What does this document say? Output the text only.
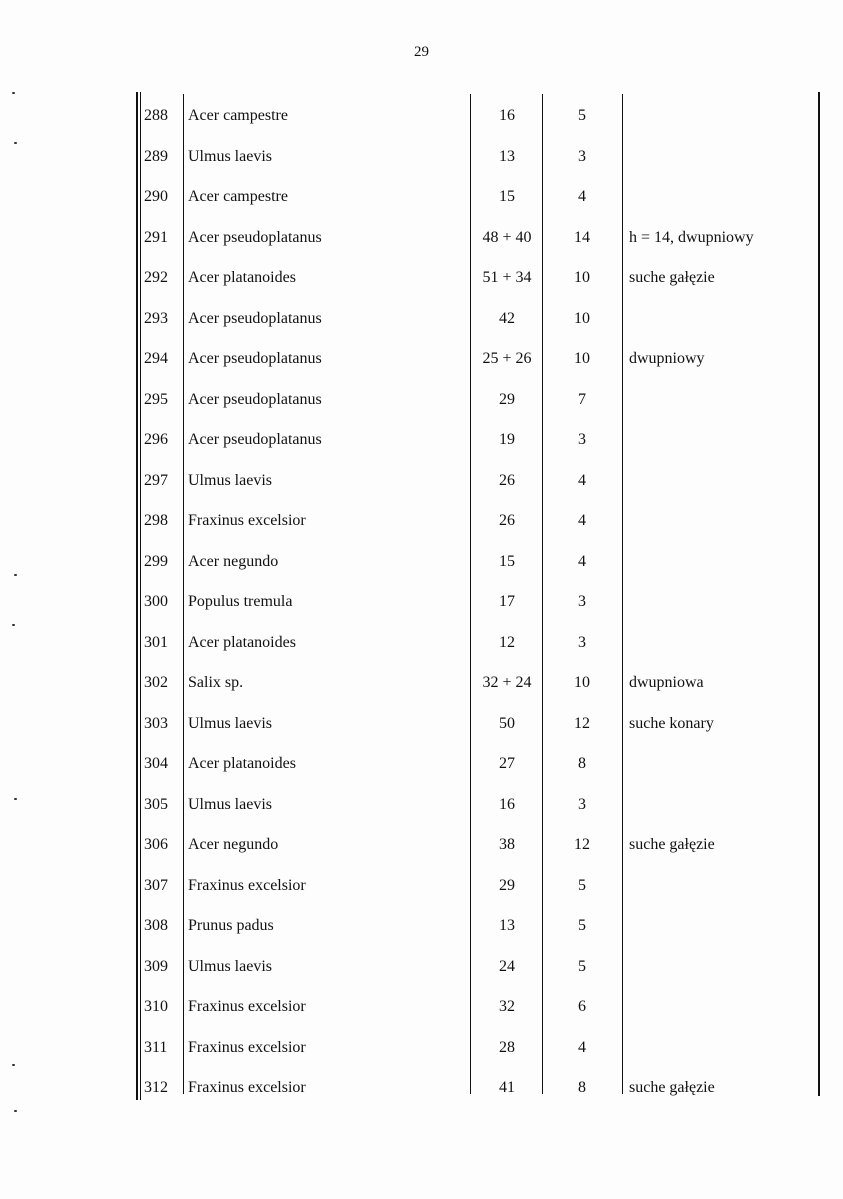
29
288	Acer campestre	16	5
289	Ulmus laevis	13	3
290	Acer campestre	15	4
291	Acer pseudoplatanus	48 + 40	14	h = 14, dwupniowy
292	Acer platanoides	51 + 34	10	suche gałęzie
293	Acer pseudoplatanus	42	10
294	Acer pseudoplatanus	25 + 26	10	dwupniowy
295	Acer pseudoplatanus	29	7
296	Acer pseudoplatanus	19	3
297	Ulmus laevis	26	4
298	Fraxinus excelsior	26	4
299	Acer negundo	15	4
300	Populus tremula	17	3
301	Acer platanoides	12	3
302	Salix sp.	32 + 24	10	dwupniowa
303	Ulmus laevis	50	12	suche konary
304	Acer platanoides	27	8
305	Ulmus laevis	16	3
306	Acer negundo	38	12	suche gałęzie
307	Fraxinus excelsior	29	5
308	Prunus padus	13	5
309	Ulmus laevis	24	5
310	Fraxinus excelsior	32	6
311	Fraxinus excelsior	28	4
312	Fraxinus excelsior	41	8	suche gałęzie
